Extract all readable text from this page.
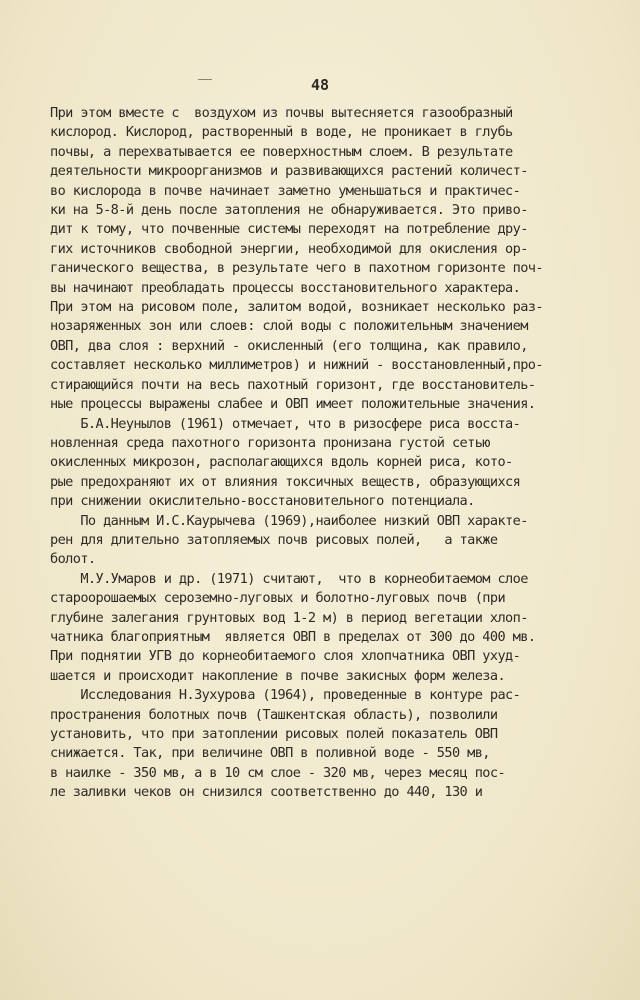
48
При этом вместе с  воздухом из почвы вытесняется газообразный
кислород. Кислород, растворенный в воде, не проникает в глубь
почвы, а перехватывается ее поверхностным слоем. В результате
деятельности микроорганизмов и развивающихся растений количест-
во кислорода в почве начинает заметно уменьшаться и практичес-
ки на 5-8-й день после затопления не обнаруживается. Это приво-
дит к тому, что почвенные системы переходят на потребление дру-
гих источников свободной энергии, необходимой для окисления ор-
ганического вещества, в результате чего в пахотном горизонте поч-
вы начинают преобладать процессы восстановительного характера.
При этом на рисовом поле, залитом водой, возникает несколько раз-
нозаряженных зон или слоев: слой воды с положительным значением
ОВП, два слоя : верхний - окисленный (его толщина, как правило,
составляет несколько миллиметров) и нижний - восстановленный,про-
стирающийся почти на весь пахотный горизонт, где восстановитель-
ные процессы выражены слабее и ОВП имеет положительные значения.
Б.А.Неунылов (1961) отмечает, что в ризосфере риса восста-
новленная среда пахотного горизонта пронизана густой сетью
окисленных микрозон, располагающихся вдоль корней риса, кото-
рые предохраняют их от влияния токсичных веществ, образующихся
при снижении окислительно-восстановительного потенциала.
По данным И.С.Каурычева (1969),наиболее низкий ОВП характе-
рен для длительно затопляемых почв рисовых полей,   а также
болот.
М.У.Умаров и др. (1971) считают,  что в корнеобитаемом слое
староорошаемых сероземно-луговых и болотно-луговых почв (при
глубине залегания грунтовых вод 1-2 м) в период вегетации хлоп-
чатника благоприятным  является ОВП в пределах от 300 до 400 мв.
При поднятии УГВ до корнеобитаемого слоя хлопчатника ОВП ухуд-
шается и происходит накопление в почве закисных форм железа.
Исследования Н.Зухурова (1964), проведенные в контуре рас-
пространения болотных почв (Ташкентская область), позволили
установить, что при затоплении рисовых полей показатель ОВП
снижается. Так, при величине ОВП в поливной воде - 550 мв,
в наилке - 350 мв, а в 10 см слое - 320 мв, через месяц пос-
ле заливки чеков он снизился соответственно до 440, 130 и
